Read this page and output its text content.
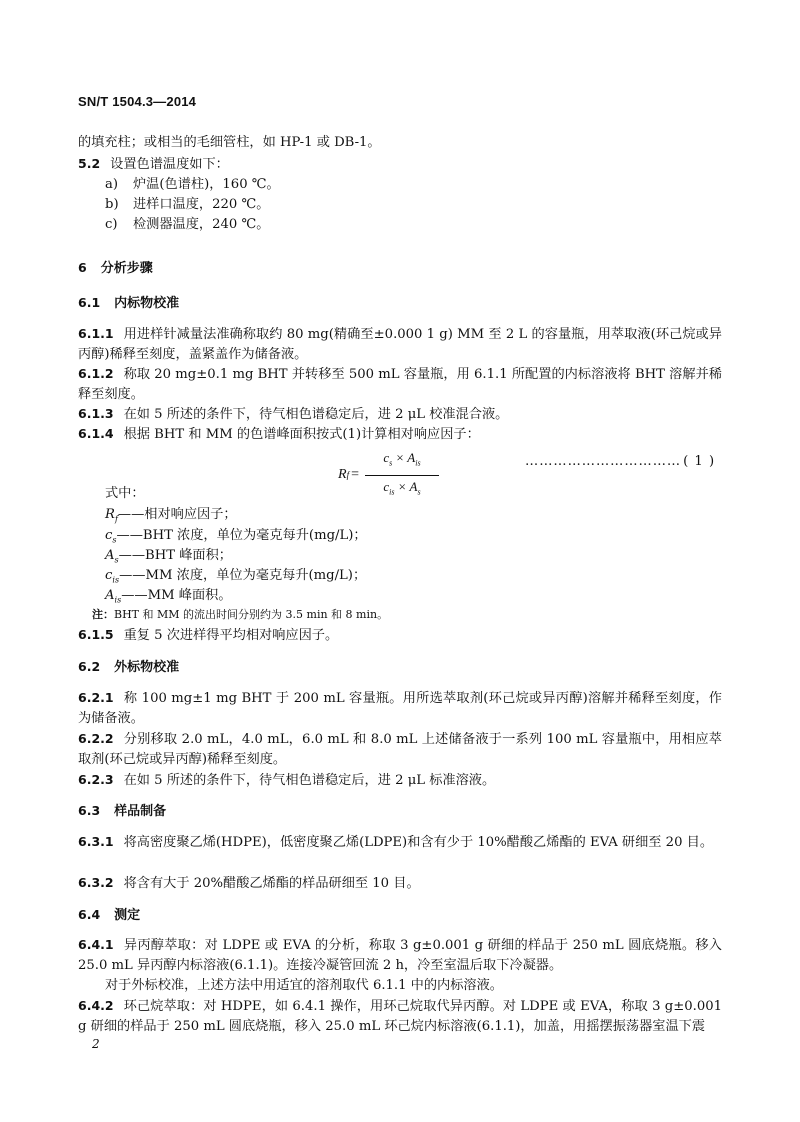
SN/T 1504.3—2014
的填充柱；或相当的毛细管柱，如 HP-1 或 DB-1。
5.2 设置色谱温度如下：
a) 炉温(色谱柱)，160 ℃。
b) 进样口温度，220 ℃。
c) 检测器温度，240 ℃。
6 分析步骤
6.1 内标物校准
6.1.1 用进样针减量法准确称取约 80 mg(精确至±0.000 1 g) MM 至 2 L 的容量瓶，用萃取液(环己烷或异丙醇)稀释至刻度，盖紧盖作为储备液。
6.1.2 称取 20 mg±0.1 mg BHT 并转移至 500 mL 容量瓶，用 6.1.1 所配置的内标溶液将 BHT 溶解并稀释至刻度。
6.1.3 在如 5 所述的条件下，待气相色谱稳定后，进 2 μL 校准混合液。
6.1.4 根据 BHT 和 MM 的色谱峰面积按式(1)计算相对响应因子：
R $f = \frac{c_s \times A_{is}}{c_{is} \times A_s}$	…………………………… ( 1 )
式中：
$R_f——$相对响应因子；
$c_s——BHT$ 浓度，单位为毫克每升(mg/L)；
$A_s——BHT$ 峰面积；
$c_{is}——MM$ 浓度，单位为毫克每升(mg/L)；
$A_{is}——MM$ 峰面积。
注：BHT 和 MM 的流出时间分别约为 3.5 min 和 8 min。
6.1.5 重复 5 次进样得平均相对响应因子。
6.2 外标物校准
6.2.1 称 100 mg±1 mg BHT 于 200 mL 容量瓶。用所选萃取剂(环己烷或异丙醇)溶解并稀释至刻度，作为储备液。
6.2.2 分别移取 2.0 mL，4.0 mL，6.0 mL 和 8.0 mL 上述储备液于一系列 100 mL 容量瓶中，用相应萃取剂(环己烷或异丙醇)稀释至刻度。
6.2.3 在如 5 所述的条件下，待气相色谱稳定后，进 2 μL 标准溶液。
6.3 样品制备
6.3.1 将高密度聚乙烯(HDPE)，低密度聚乙烯(LDPE)和含有少于 10%醋酸乙烯酯的 EVA 研细至 20 目。
6.3.2 将含有大于 20%醋酸乙烯酯的样品研细至 10 目。
6.4 测定
6.4.1 异丙醇萃取：对 LDPE 或 EVA 的分析，称取 3 g±0.001 g 研细的样品于 250 mL 圆底烧瓶。移入 25.0 mL 异丙醇内标溶液(6.1.1)。连接冷凝管回流 2 h，冷至室温后取下冷凝器。
对于外标校准，上述方法中用适宜的溶剂取代 6.1.1 中的内标溶液。
6.4.2 环己烷萃取：对 HDPE，如 6.4.1 操作，用环己烷取代异丙醇。对 LDPE 或 EVA，称取 3 g±0.001 g 研细的样品于 250 mL 圆底烧瓶，移入 25.0 mL 环己烷内标溶液(6.1.1)，加盖，用摇摆振荡器室温下震
2
